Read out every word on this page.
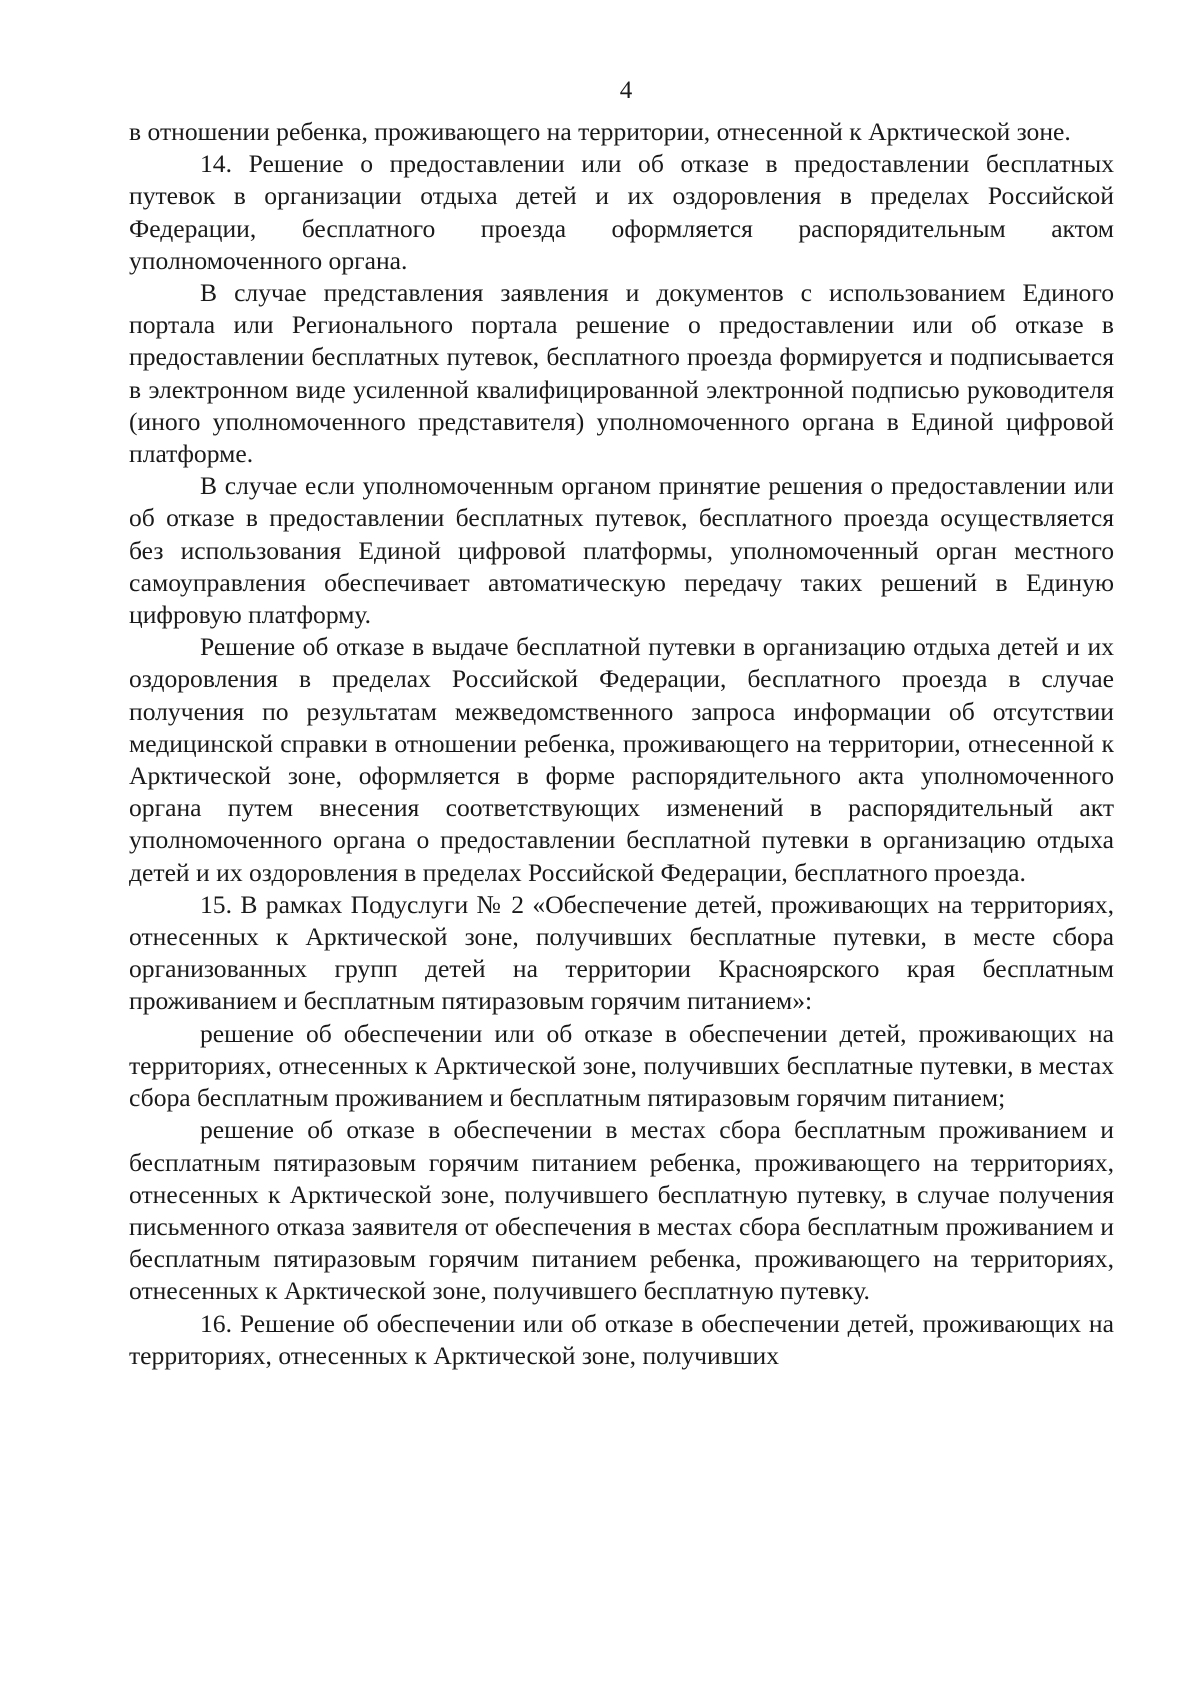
4

в отношении ребенка, проживающего на территории, отнесенной к Арктической зоне.

14. Решение о предоставлении или об отказе в предоставлении бесплатных путевок в организации отдыха детей и их оздоровления в пределах Российской Федерации, бесплатного проезда оформляется распорядительным актом уполномоченного органа.

В случае представления заявления и документов с использованием Единого портала или Регионального портала решение о предоставлении или об отказе в предоставлении бесплатных путевок, бесплатного проезда формируется и подписывается в электронном виде усиленной квалифицированной электронной подписью руководителя (иного уполномоченного представителя) уполномоченного органа в Единой цифровой платформе.

В случае если уполномоченным органом принятие решения о предоставлении или об отказе в предоставлении бесплатных путевок, бесплатного проезда осуществляется без использования Единой цифровой платформы, уполномоченный орган местного самоуправления обеспечивает автоматическую передачу таких решений в Единую цифровую платформу.

Решение об отказе в выдаче бесплатной путевки в организацию отдыха детей и их оздоровления в пределах Российской Федерации, бесплатного проезда в случае получения по результатам межведомственного запроса информации об отсутствии медицинской справки в отношении ребенка, проживающего на территории, отнесенной к Арктической зоне, оформляется в форме распорядительного акта уполномоченного органа путем внесения соответствующих изменений в распорядительный акт уполномоченного органа о предоставлении бесплатной путевки в организацию отдыха детей и их оздоровления в пределах Российской Федерации, бесплатного проезда.

15. В рамках Подуслуги № 2 «Обеспечение детей, проживающих на территориях, отнесенных к Арктической зоне, получивших бесплатные путевки, в месте сбора организованных групп детей на территории Красноярского края бесплатным проживанием и бесплатным пятиразовым горячим питанием»:

решение об обеспечении или об отказе в обеспечении детей, проживающих на территориях, отнесенных к Арктической зоне, получивших бесплатные путевки, в местах сбора бесплатным проживанием и бесплатным пятиразовым горячим питанием;

решение об отказе в обеспечении в местах сбора бесплатным проживанием и бесплатным пятиразовым горячим питанием ребенка, проживающего на территориях, отнесенных к Арктической зоне, получившего бесплатную путевку, в случае получения письменного отказа заявителя от обеспечения в местах сбора бесплатным проживанием и бесплатным пятиразовым горячим питанием ребенка, проживающего на территориях, отнесенных к Арктической зоне, получившего бесплатную путевку.

16. Решение об обеспечении или об отказе в обеспечении детей, проживающих на территориях, отнесенных к Арктической зоне, получивших
